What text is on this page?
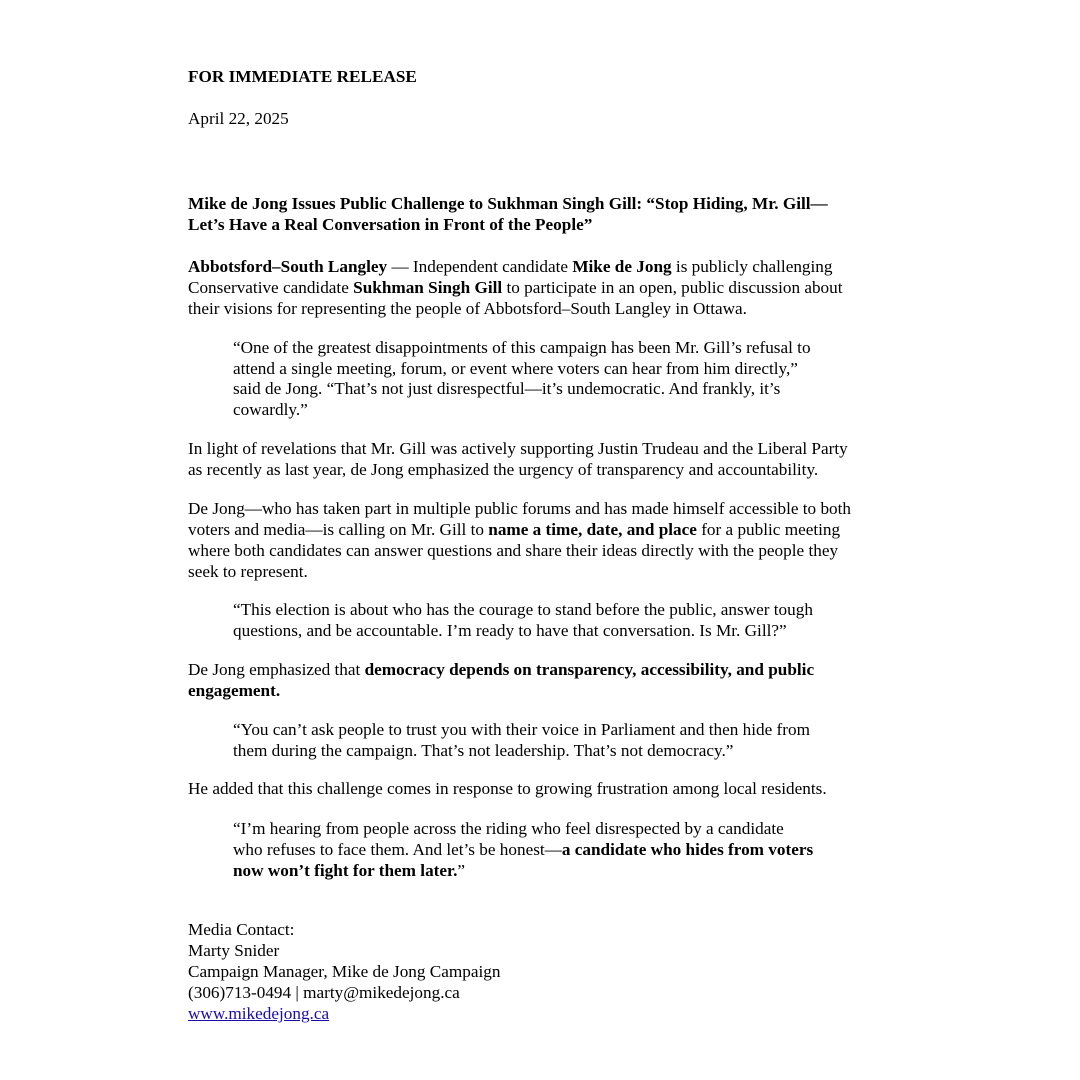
FOR IMMEDIATE RELEASE
April 22, 2025
Mike de Jong Issues Public Challenge to Sukhman Singh Gill: “Stop Hiding, Mr. Gill—
Let’s Have a Real Conversation in Front of the People”
Abbotsford–South Langley — Independent candidate Mike de Jong is publicly challenging
Conservative candidate Sukhman Singh Gill to participate in an open, public discussion about
their visions for representing the people of Abbotsford–South Langley in Ottawa.
“One of the greatest disappointments of this campaign has been Mr. Gill’s refusal to
attend a single meeting, forum, or event where voters can hear from him directly,”
said de Jong. “That’s not just disrespectful—it’s undemocratic. And frankly, it’s
cowardly.”
In light of revelations that Mr. Gill was actively supporting Justin Trudeau and the Liberal Party
as recently as last year, de Jong emphasized the urgency of transparency and accountability.
De Jong—who has taken part in multiple public forums and has made himself accessible to both
voters and media—is calling on Mr. Gill to name a time, date, and place for a public meeting
where both candidates can answer questions and share their ideas directly with the people they
seek to represent.
“This election is about who has the courage to stand before the public, answer tough
questions, and be accountable. I’m ready to have that conversation. Is Mr. Gill?”
De Jong emphasized that democracy depends on transparency, accessibility, and public
engagement.
“You can’t ask people to trust you with their voice in Parliament and then hide from
them during the campaign. That’s not leadership. That’s not democracy.”
He added that this challenge comes in response to growing frustration among local residents.
“I’m hearing from people across the riding who feel disrespected by a candidate
who refuses to face them. And let’s be honest—a candidate who hides from voters
now won’t fight for them later.”
Media Contact:
Marty Snider
Campaign Manager, Mike de Jong Campaign
(306)713-0494 | marty@mikedejong.ca
www.mikedejong.ca
